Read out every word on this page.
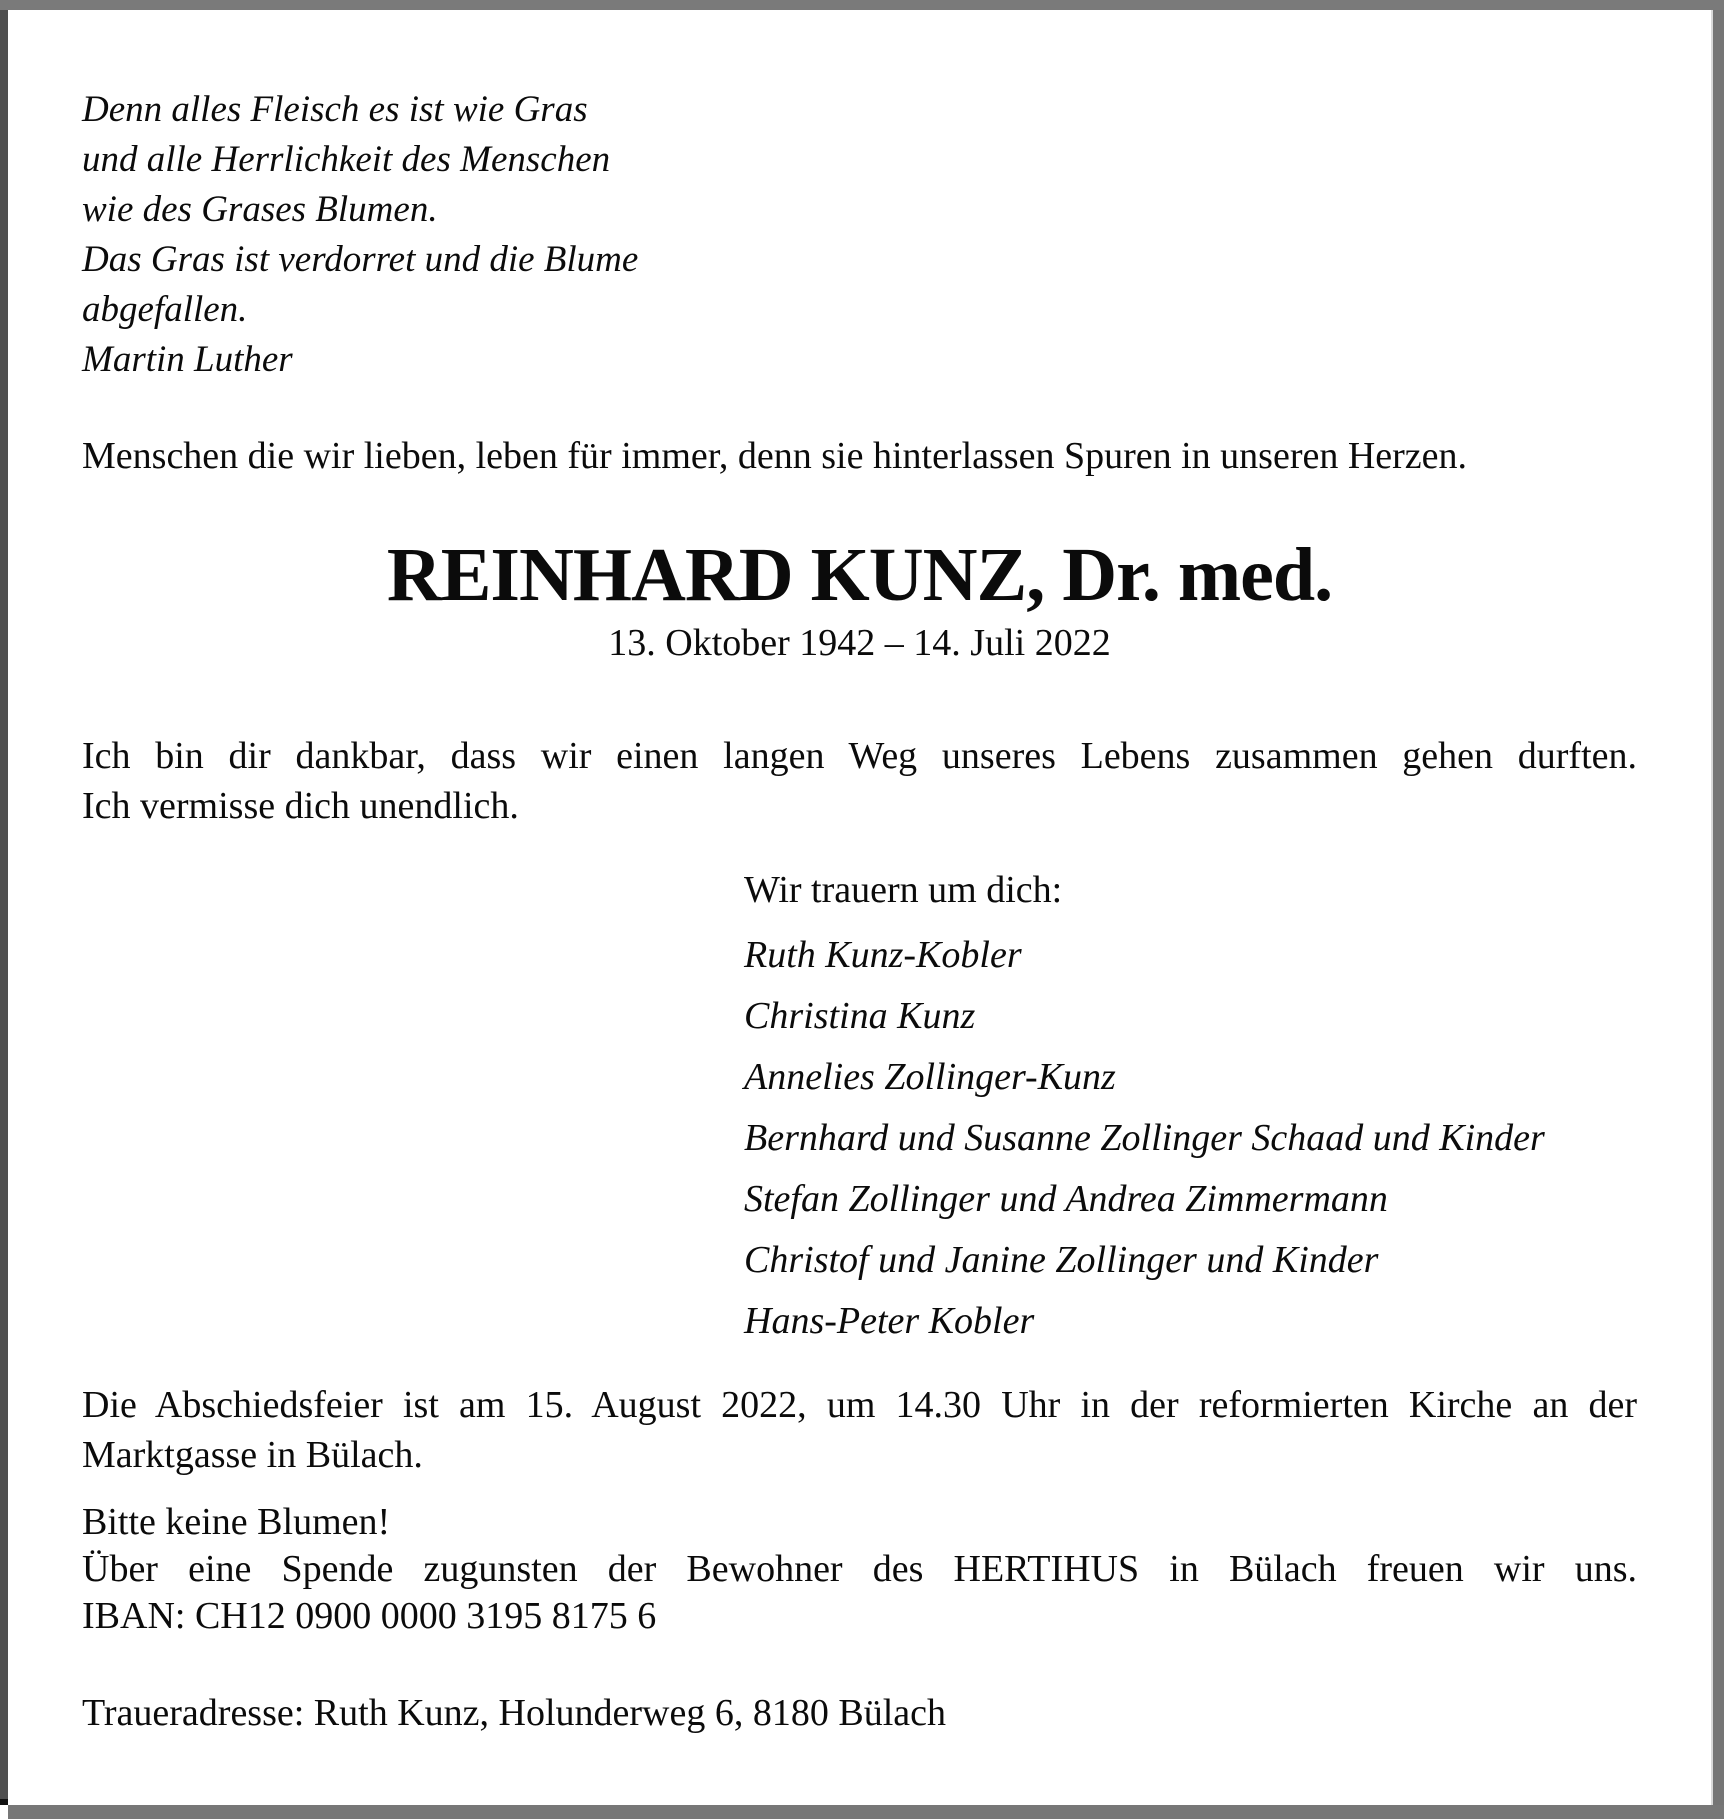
Denn alles Fleisch es ist wie Gras
und alle Herrlichkeit des Menschen
wie des Grases Blumen.
Das Gras ist verdorret und die Blume
abgefallen.
Martin Luther
Menschen die wir lieben, leben für immer, denn sie hinterlassen Spuren in unseren Herzen.
REINHARD KUNZ, Dr. med.
13. Oktober 1942 – 14. Juli 2022
Ich bin dir dankbar, dass wir einen langen Weg unseres Lebens zusammen gehen durften.
Ich vermisse dich unendlich.
Wir trauern um dich:
Ruth Kunz-Kobler
Christina Kunz
Annelies Zollinger-Kunz
Bernhard und Susanne Zollinger Schaad und Kinder
Stefan Zollinger und Andrea Zimmermann
Christof und Janine Zollinger und Kinder
Hans-Peter Kobler
Die Abschiedsfeier ist am 15. August 2022, um 14.30 Uhr in der reformierten Kirche an der
Marktgasse in Bülach.
Bitte keine Blumen!
Über eine Spende zugunsten der Bewohner des HERTIHUS in Bülach freuen wir uns.
IBAN: CH12 0900 0000 3195 8175 6
Traueradresse: Ruth Kunz, Holunderweg 6, 8180 Bülach
